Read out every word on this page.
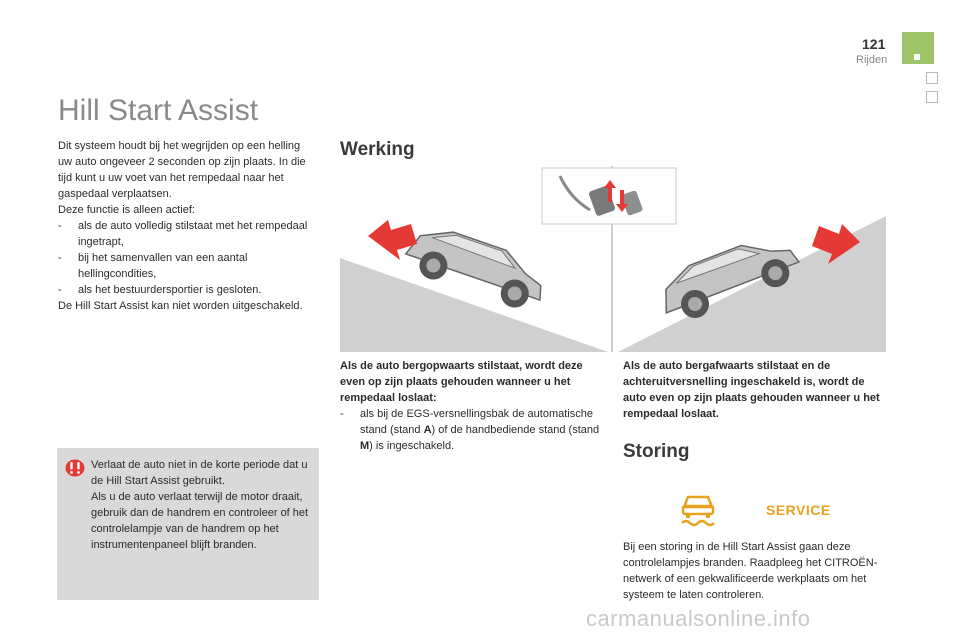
121
Rijden
Hill Start Assist

Dit systeem houdt bij het wegrijden op een helling uw auto ongeveer 2 seconden op zijn plaats. In die tijd kunt u uw voet van het rempedaal naar het gaspedaal verplaatsen.

Deze functie is alleen actief:

-	als de auto volledig stilstaat met het rempedaal ingetrapt,
-	bij het samenvallen van een aantal hellingcondities,
-	als het bestuurdersportier is gesloten.

De Hill Start Assist kan niet worden uitgeschakeld.

Verlaat de auto niet in de korte periode dat u de Hill Start Assist gebruikt.

Als u de auto verlaat terwijl de motor draait, gebruik dan de handrem en controleer of het controlelampje van de handrem op het instrumentenpaneel blijft branden.

Werking

Als de auto bergopwaarts stilstaat, wordt deze even op zijn plaats gehouden wanneer u het rempedaal loslaat:

-	als bij de EGS-versnellingsbak de automatische stand (stand A) of de handbediende stand (stand M) is ingeschakeld.
Als de auto bergafwaarts stilstaat en de achteruitversnelling ingeschakeld is, wordt de auto even op zijn plaats gehouden wanneer u het rempedaal loslaat.
Storing
SERVICE
Bij een storing in de Hill Start Assist gaan deze controlelampjes branden. Raadpleeg het CITROËN-netwerk of een gekwalificeerde werkplaats om het systeem te laten controleren.
carmanualsonline.info
